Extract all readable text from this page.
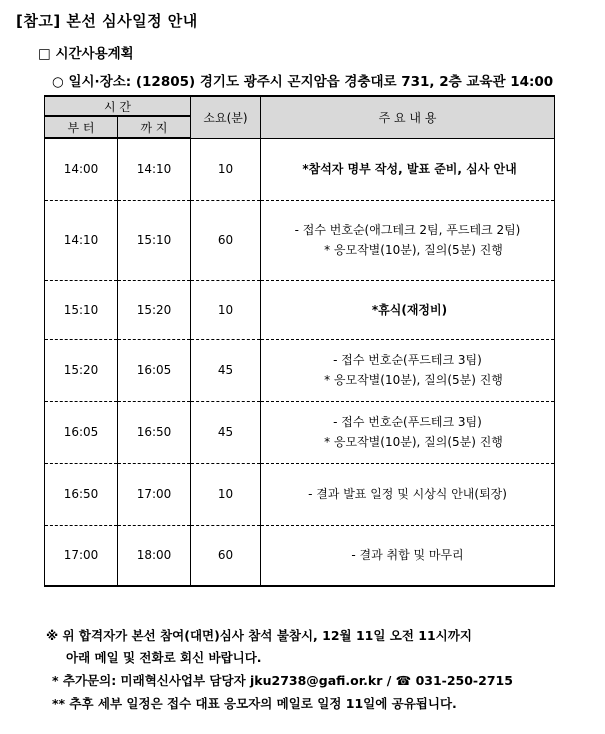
[참고] 본선 심사일정 안내
□ 시간사용계획
○ 일시·장소: (12805) 경기도 광주시 곤지암읍 경충대로 731, 2층 교육관 14:00
시 간		소요(분)	주 요 내 용
부 터	까 지		
14:00	14:10	10	*참석자 명부 작성, 발표 준비, 심사 안내

14:10	15:10	60	- 접수 번호순(애그테크 2팀, 푸드테크 2팀)
* 응모작별(10분), 질의(5분) 진행

15:10	15:20	10	*휴식(재정비)

15:20	16:05	45	- 접수 번호순(푸드테크 3팀)
* 응모작별(10분), 질의(5분) 진행

16:05	16:50	45	- 접수 번호순(푸드테크 3팀)
* 응모작별(10분), 질의(5분) 진행

16:50	17:00	10	- 결과 발표 일정 및 시상식 안내(퇴장)

17:00	18:00	60	- 결과 취합 및 마무리
※ 위 합격자가 본선 참여(대면)심사 참석 불참시, 12월 11일 오전 11시까지
아래 메일 및 전화로 회신 바랍니다.
* 추가문의: 미래혁신사업부 담당자 jku2738@gafi.or.kr / ☎ 031-250-2715
** 추후 세부 일정은 접수 대표 응모자의 메일로 일정 11일에 공유됩니다.
